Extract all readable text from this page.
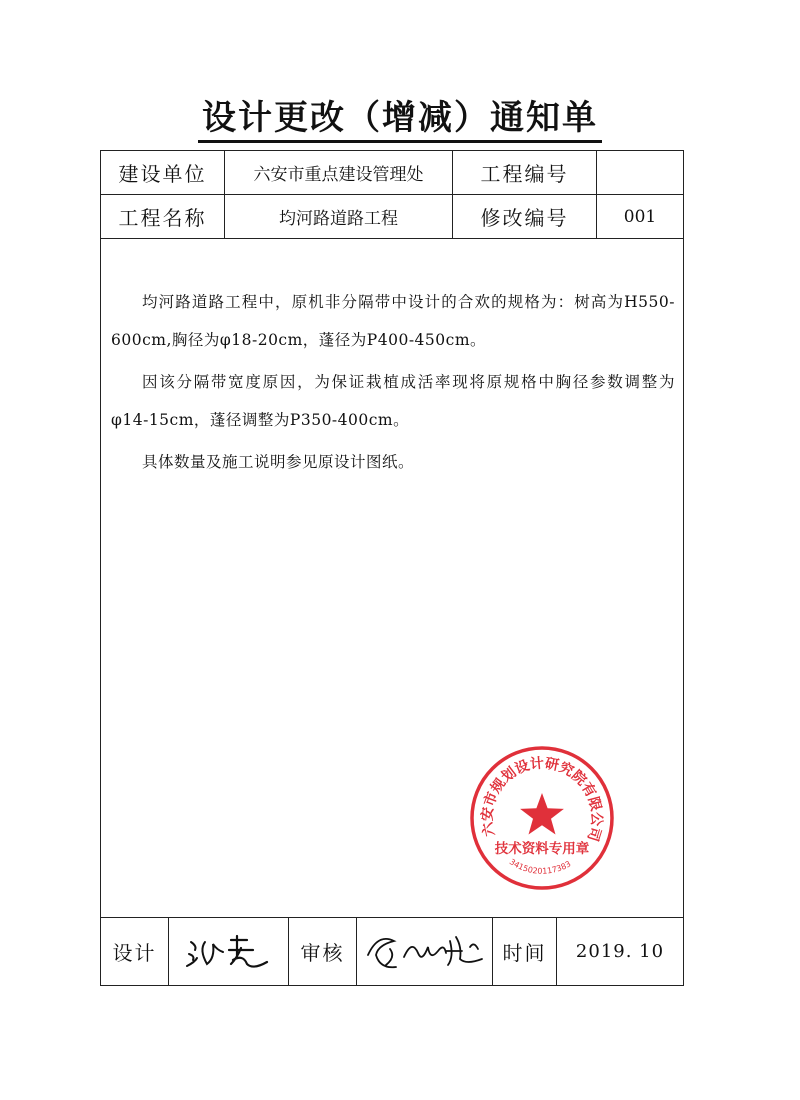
设计更改（增减）通知单
建设单位	六安市重点建设管理处	工程编号
工程名称	均河路道路工程	修改编号	001

均河路道路工程中，原机非分隔带中设计的合欢的规格为：树高为H550-600cm,胸径为φ18-20cm，蓬径为P400-450cm。

因该分隔带宽度原因，为保证栽植成活率现将原规格中胸径参数调整为φ14-15cm，蓬径调整为P350-400cm。

具体数量及施工说明参见原设计图纸。

六安市规划设计研究院有限公司
技术资料专用章
3415020117383
设计	审核	时间	2019. 10
